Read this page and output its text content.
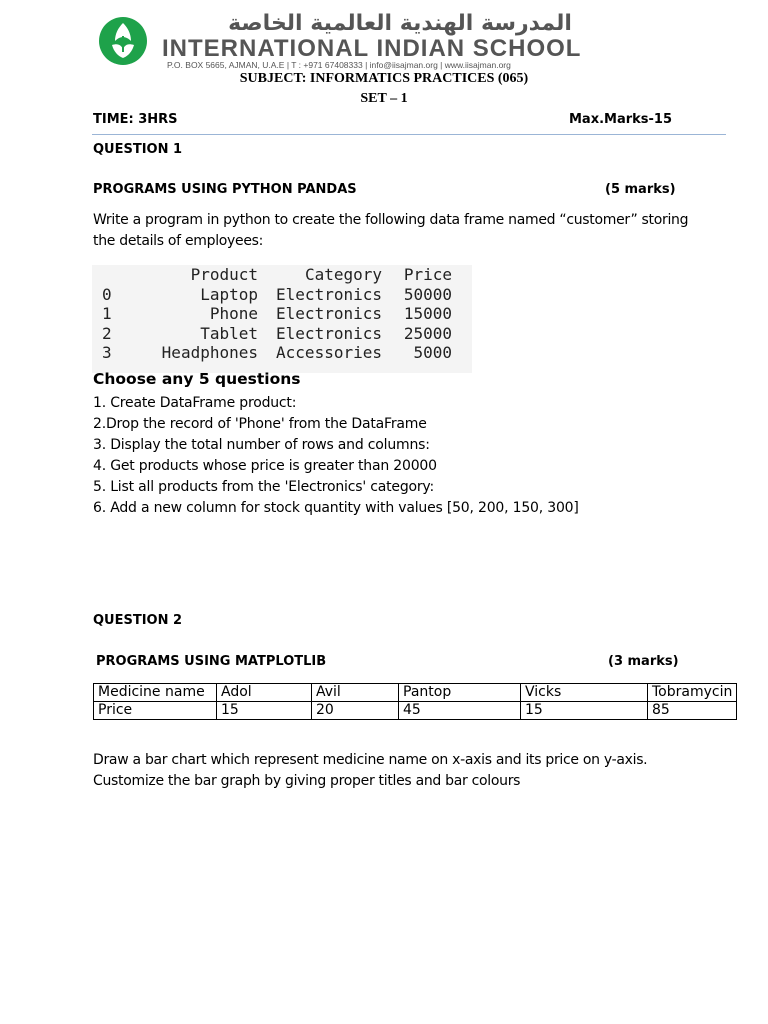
المدرسة الهندية العالمية الخاصة
INTERNATIONAL INDIAN SCHOOL
P.O. BOX 5665, AJMAN, U.A.E | T : +971 67408333 | info@iisajman.org | www.iisajman.org
SUBJECT: INFORMATICS PRACTICES (065)
SET – 1
TIME: 3HRS	Max.Marks-15
QUESTION 1
PROGRAMS USING PYTHON PANDAS	(5 marks)
Write a program in python to create the following data frame named “customer” storing
the details of employees:
	Product	Category	Price
0	Laptop	Electronics	50000
1	Phone	Electronics	15000
2	Tablet	Electronics	25000
3	Headphones	Accessories	5000
Choose any 5 questions
1. Create DataFrame product:
2.Drop the record of 'Phone' from the DataFrame
3. Display the total number of rows and columns:
4. Get products whose price is greater than 20000
5. List all products from the 'Electronics' category:
6. Add a new column for stock quantity with values [50, 200, 150, 300]
QUESTION 2
PROGRAMS USING MATPLOTLIB	(3 marks)
Medicine name	Adol	Avil	Pantop	Vicks	Tobramycin
Price	15	20	45	15	85
Draw a bar chart which represent medicine name on x-axis and its price on y-axis.
Customize the bar graph by giving proper titles and bar colours
